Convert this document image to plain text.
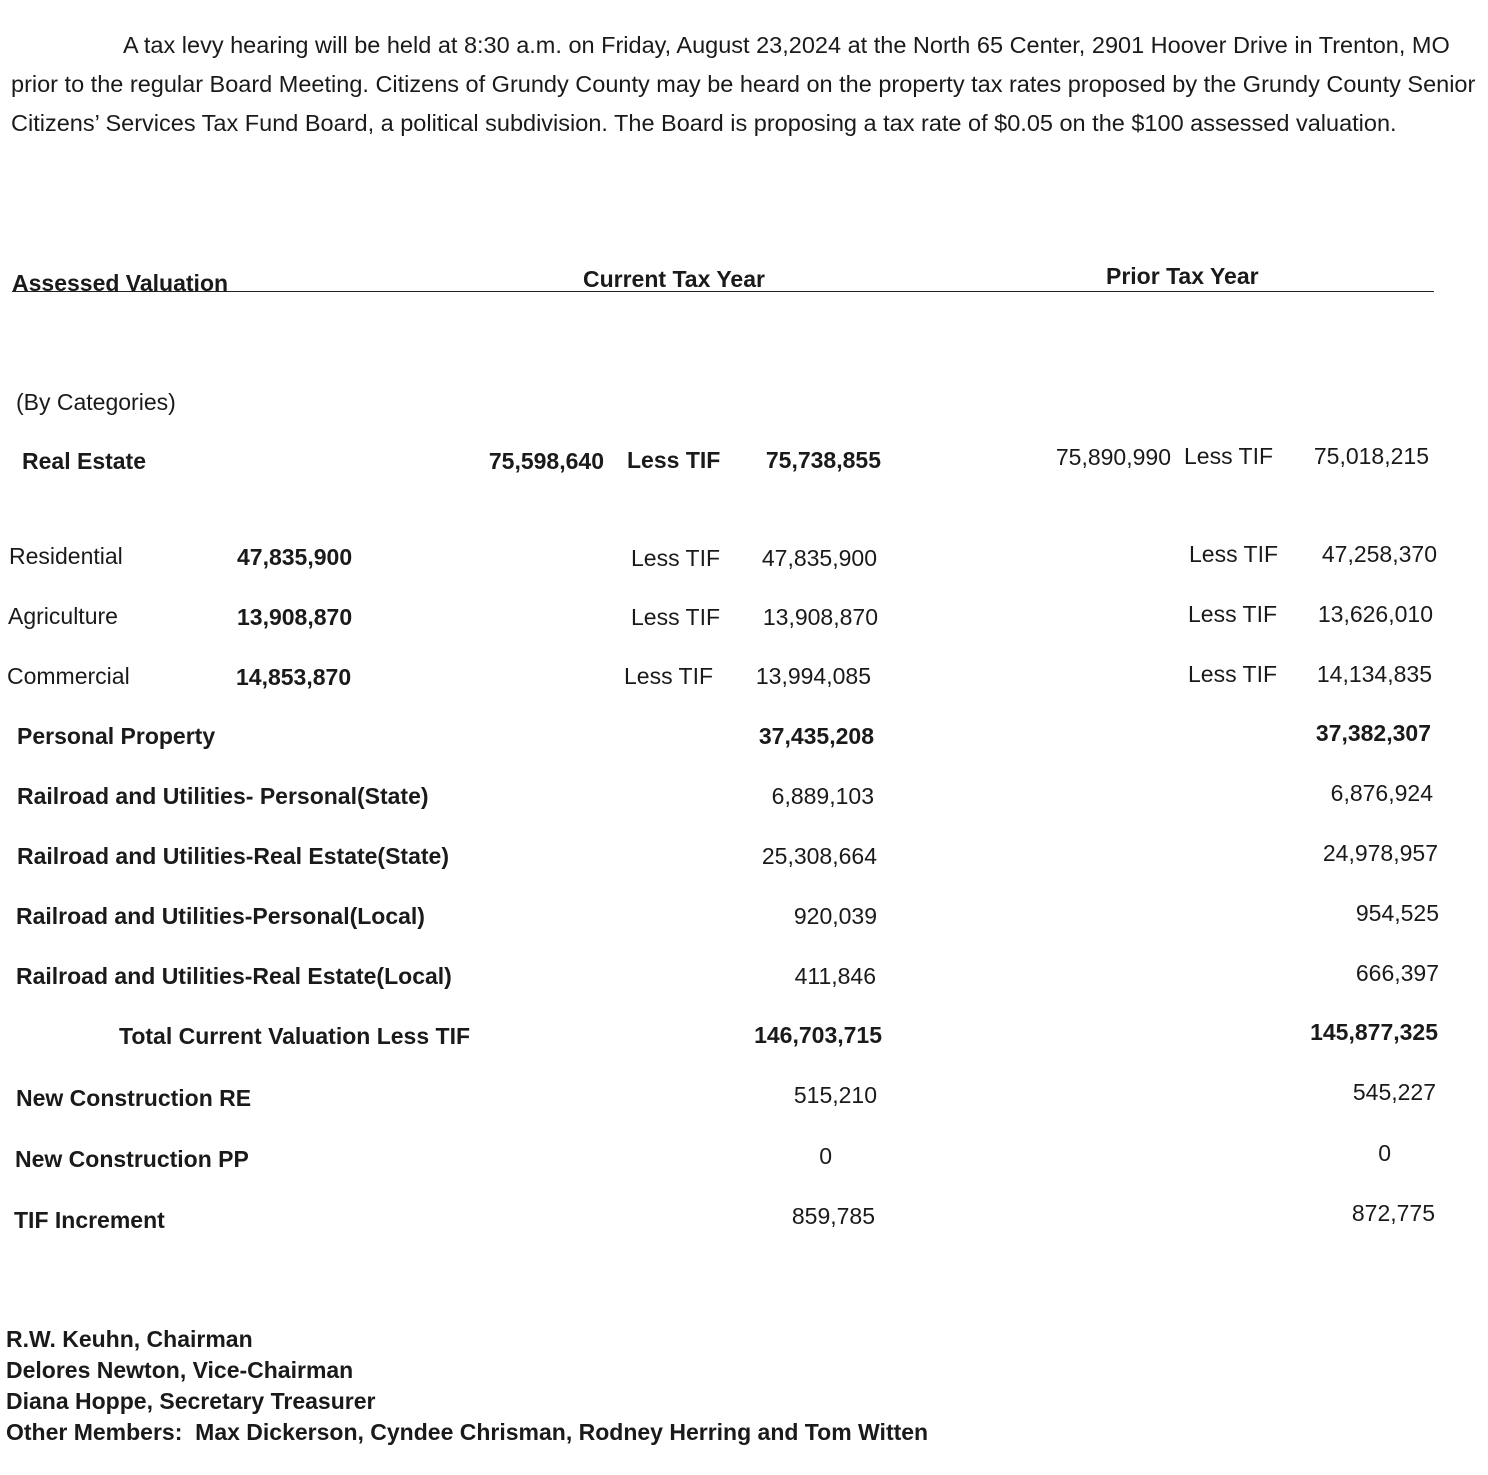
A tax levy hearing will be held at 8:30 a.m. on Friday, August 23,2024 at the North 65 Center, 2901 Hoover Drive in Trenton, MO prior to the regular Board Meeting. Citizens of Grundy County may be heard on the property tax rates proposed by the Grundy County Senior Citizens’ Services Tax Fund Board, a political subdivision. The Board is proposing a tax rate of $0.05 on the $100 assessed valuation.

Assessed Valuation	Current Tax Year	Prior Tax Year
(By Categories)
Real Estate	75,598,640 Less TIF 75,738,855	75,890,990 Less TIF 75,018,215
Residential	47,835,900	Less TIF 47,835,900	Less TIF 47,258,370
Agriculture	13,908,870	Less TIF 13,908,870	Less TIF 13,626,010
Commercial	14,853,870	Less TIF 13,994,085	Less TIF 14,134,835
Personal Property	37,435,208	37,382,307
Railroad and Utilities- Personal(State)	6,889,103	6,876,924
Railroad and Utilities-Real Estate(State)	25,308,664	24,978,957
Railroad and Utilities-Personal(Local)	920,039	954,525
Railroad and Utilities-Real Estate(Local)	411,846	666,397
Total Current Valuation Less TIF	146,703,715	145,877,325
New Construction RE	515,210	545,227
New Construction PP	0	0
TIF Increment	859,785	872,775
R.W. Keuhn, Chairman
Delores Newton, Vice-Chairman
Diana Hoppe, Secretary Treasurer
Other Members:  Max Dickerson, Cyndee Chrisman, Rodney Herring and Tom Witten
